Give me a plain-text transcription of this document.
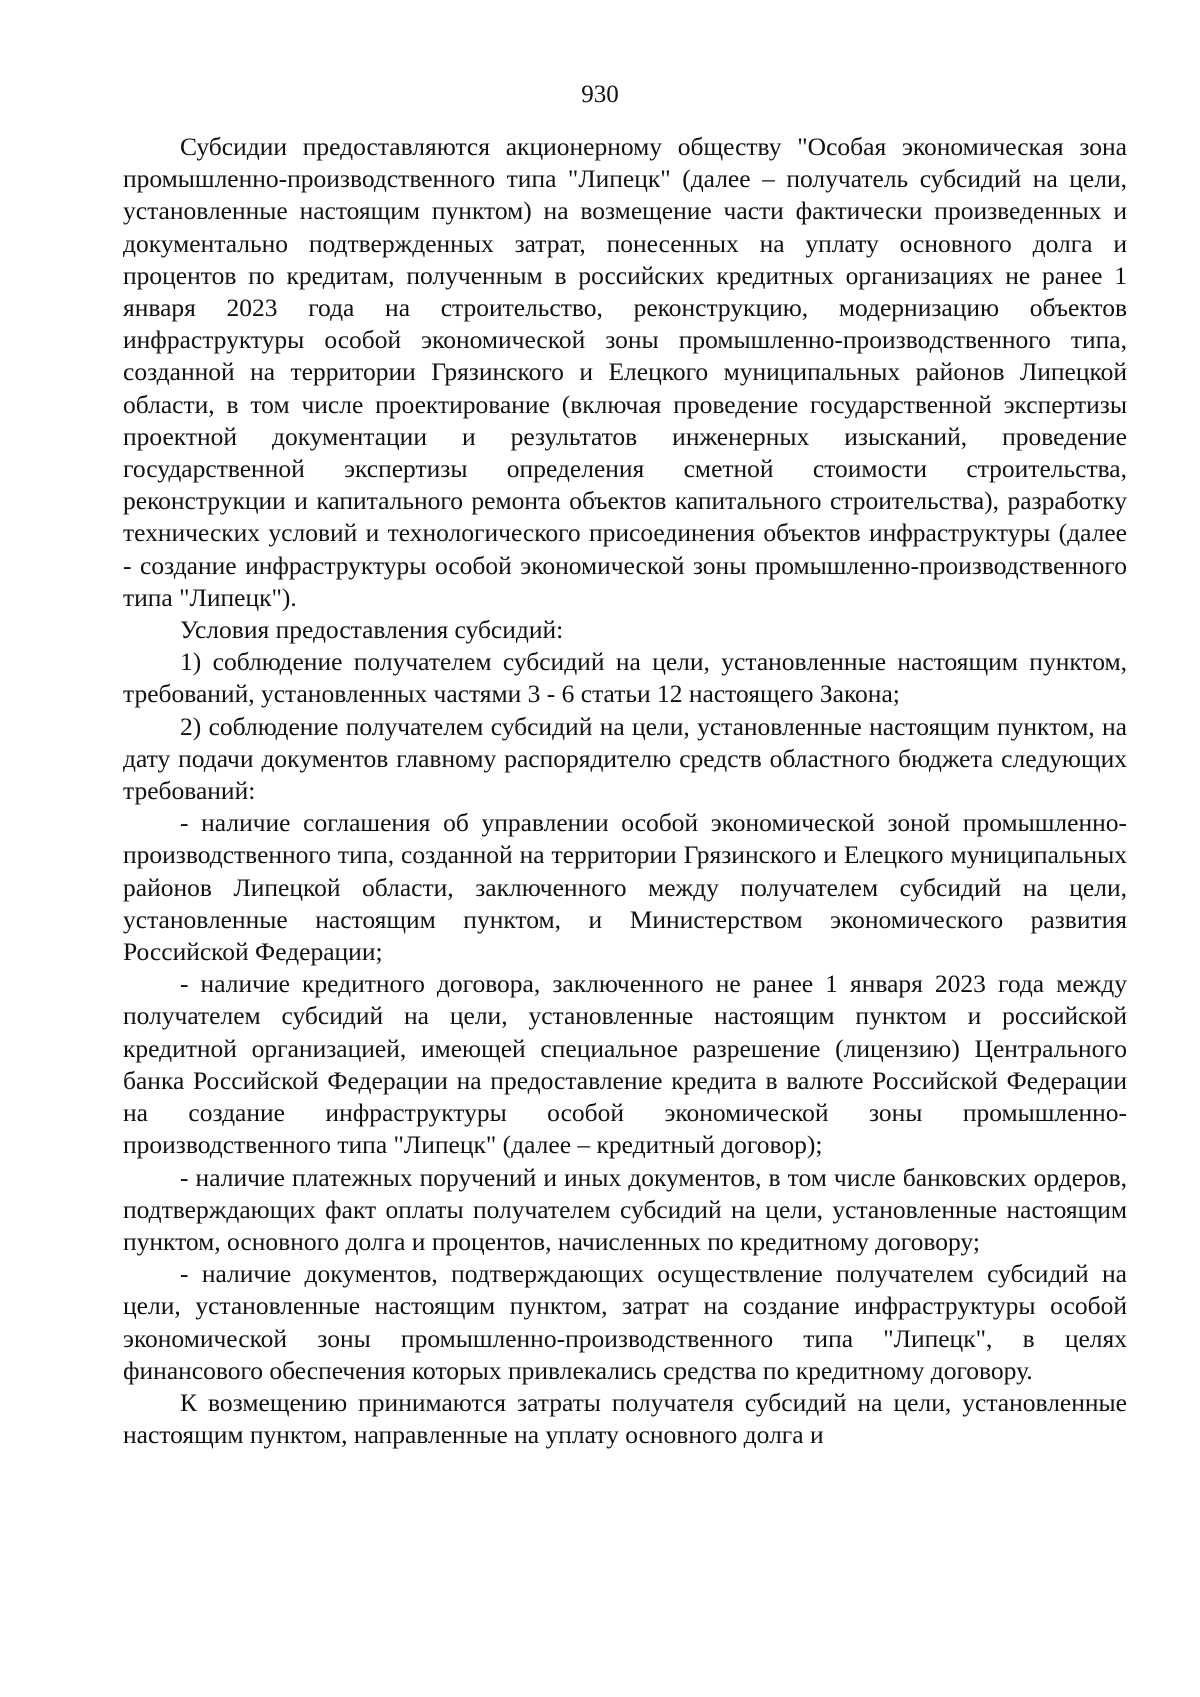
930

Субсидии предоставляются акционерному обществу "Особая экономическая зона промышленно-производственного типа "Липецк" (далее – получатель субсидий на цели, установленные настоящим пунктом) на возмещение части фактически произведенных и документально подтвержденных затрат, понесенных на уплату основного долга и процентов по кредитам, полученным в российских кредитных организациях не ранее 1 января 2023 года на строительство, реконструкцию, модернизацию объектов инфраструктуры особой экономической зоны промышленно-производственного типа, созданной на территории Грязинского и Елецкого муниципальных районов Липецкой области, в том числе проектирование (включая проведение государственной экспертизы проектной документации и результатов инженерных изысканий, проведение государственной экспертизы определения сметной стоимости строительства, реконструкции и капитального ремонта объектов капитального строительства), разработку технических условий и технологического присоединения объектов инфраструктуры (далее - создание инфраструктуры особой экономической зоны промышленно-производственного типа "Липецк").

Условия предоставления субсидий:

1) соблюдение получателем субсидий на цели, установленные настоящим пунктом, требований, установленных частями 3 - 6 статьи 12 настоящего Закона;

2) соблюдение получателем субсидий на цели, установленные настоящим пунктом, на дату подачи документов главному распорядителю средств областного бюджета следующих требований:

- наличие соглашения об управлении особой экономической зоной промышленно-производственного типа, созданной на территории Грязинского и Елецкого муниципальных районов Липецкой области, заключенного между получателем субсидий на цели, установленные настоящим пунктом, и Министерством экономического развития Российской Федерации;

- наличие кредитного договора, заключенного не ранее 1 января 2023 года между получателем субсидий на цели, установленные настоящим пунктом и российской кредитной организацией, имеющей специальное разрешение (лицензию) Центрального банка Российской Федерации на предоставление кредита в валюте Российской Федерации на создание инфраструктуры особой экономической зоны промышленно-производственного типа "Липецк" (далее – кредитный договор);

- наличие платежных поручений и иных документов, в том числе банковских ордеров, подтверждающих факт оплаты получателем субсидий на цели, установленные настоящим пунктом, основного долга и процентов, начисленных по кредитному договору;

- наличие документов, подтверждающих осуществление получателем субсидий на цели, установленные настоящим пунктом, затрат на создание инфраструктуры особой экономической зоны промышленно-производственного типа "Липецк", в целях финансового обеспечения которых привлекались средства по кредитному договору.

К возмещению принимаются затраты получателя субсидий на цели, установленные настоящим пунктом, направленные на уплату основного долга и
